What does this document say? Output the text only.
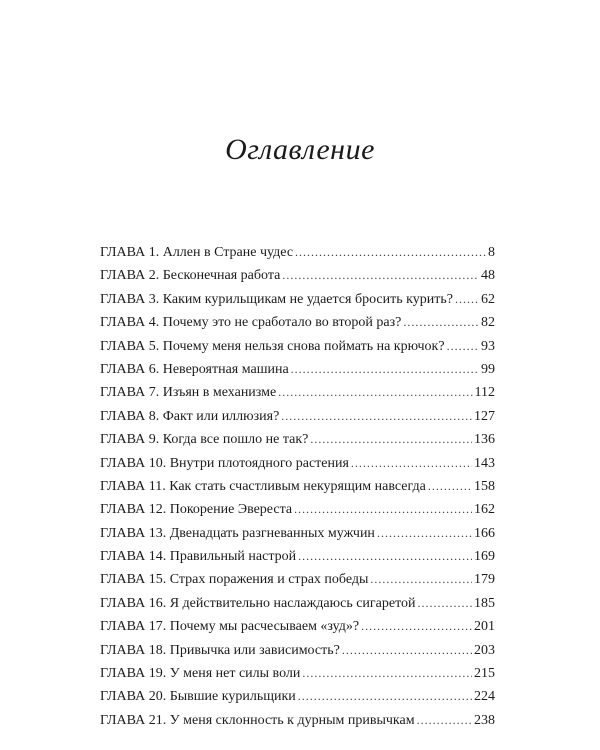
Оглавление
ГЛАВА 1. Аллен в Стране чудес .....	8
ГЛАВА 2. Бесконечная работа .....	48
ГЛАВА 3. Каким курильщикам не удается бросить курить? ..... 62
ГЛАВА 4. Почему это не сработало во второй раз? .....	82
ГЛАВА 5. Почему меня нельзя снова поймать на крючок? .....	93
ГЛАВА 6. Невероятная машина .....	99
ГЛАВА 7. Изъян в механизме .....	112
ГЛАВА 8. Факт или иллюзия? .....	127
ГЛАВА 9. Когда все пошло не так? .....	136
ГЛАВА 10. Внутри плотоядного растения .....	143
ГЛАВА 11. Как стать счастливым некурящим навсегда .....	158
ГЛАВА 12. Покорение Эвереста .....	162
ГЛАВА 13. Двенадцать разгневанных мужчин .....	166
ГЛАВА 14. Правильный настрой .....	169
ГЛАВА 15. Страх поражения и страх победы .....	179
ГЛАВА 16. Я действительно наслаждаюсь сигаретой .....	185
ГЛАВА 17. Почему мы расчесываем «зуд»? .....	201
ГЛАВА 18. Привычка или зависимость? .....	203
ГЛАВА 19. У меня нет силы воли .....	215
ГЛАВА 20. Бывшие курильщики .....	224
ГЛАВА 21. У меня склонность к дурным привычкам .....	238
